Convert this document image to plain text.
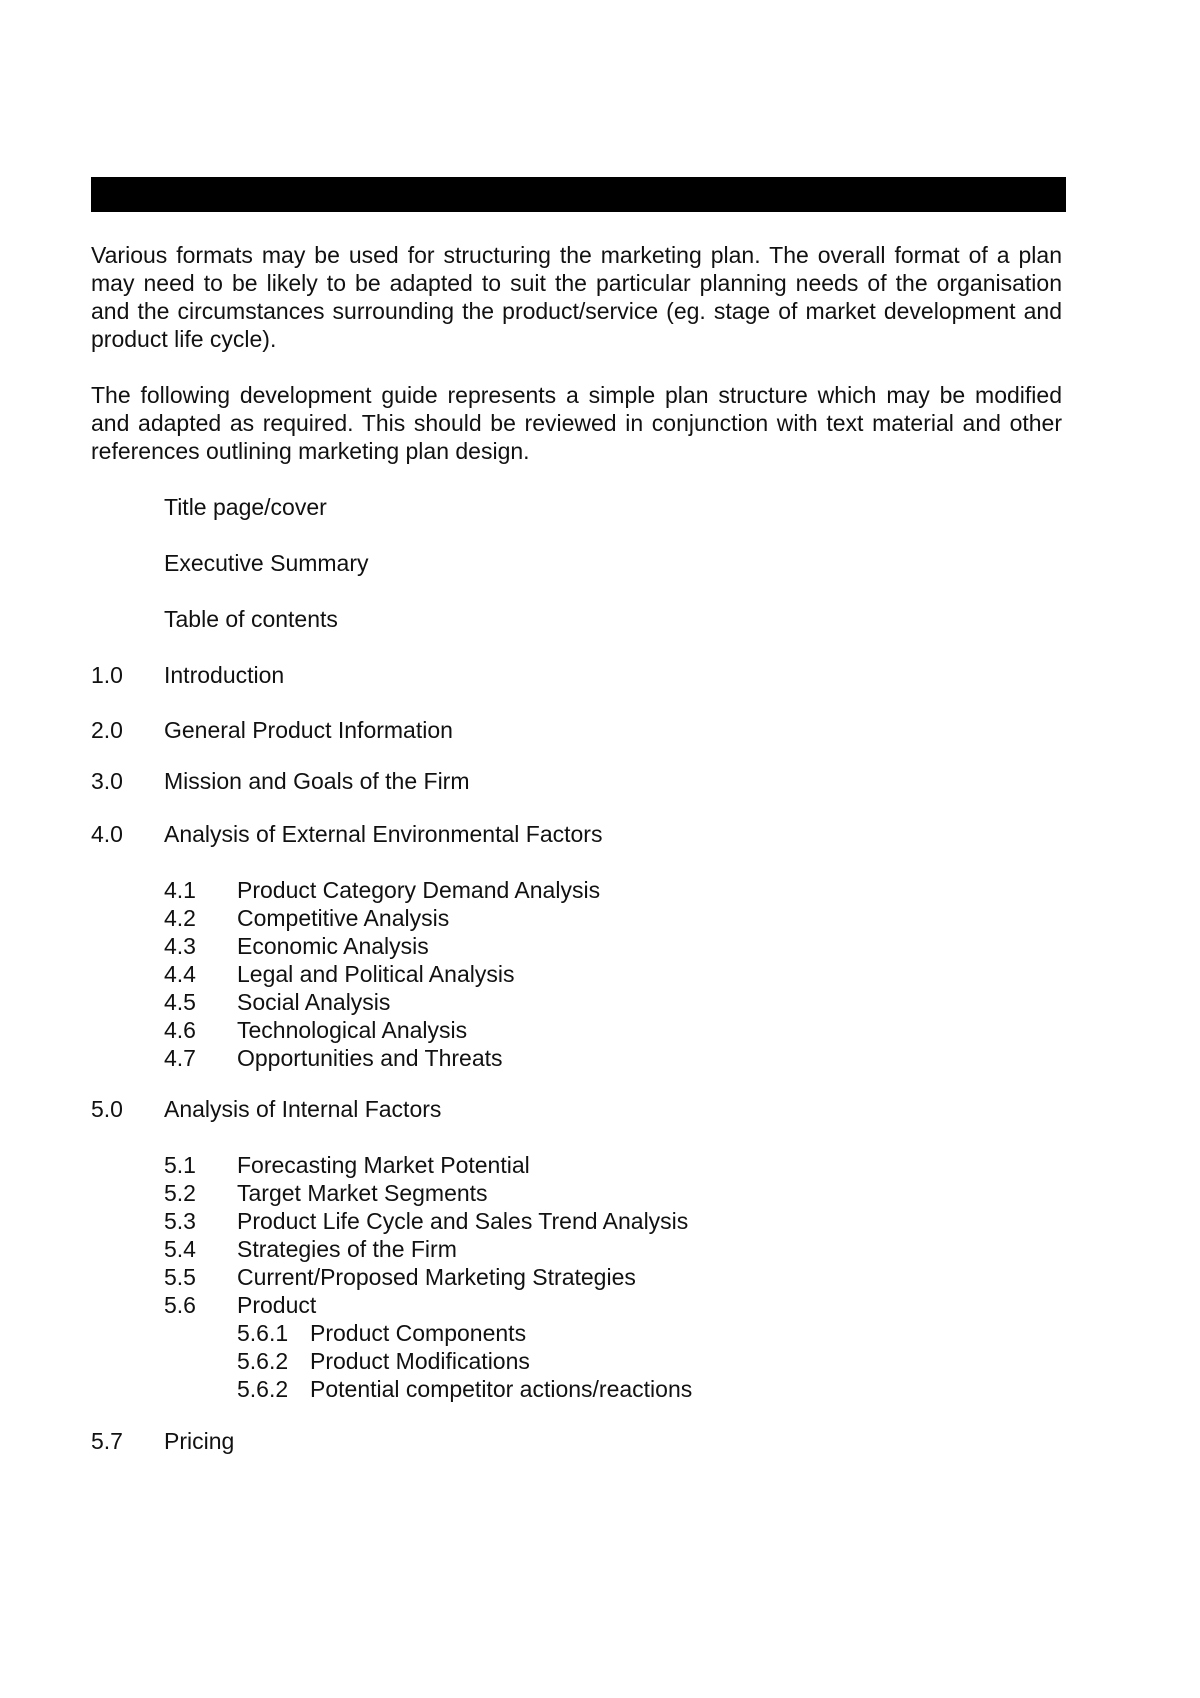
Various formats may be used for structuring the marketing plan. The overall format of a plan may need to be likely to be adapted to suit the particular planning needs of the organisation and the circumstances surrounding the product/service (eg. stage of market development and product life cycle).

The following development guide represents a simple plan structure which may be modified and adapted as required. This should be reviewed in conjunction with text material and other references outlining marketing plan design.

Title page/cover
Executive Summary
Table of contents
1.0 Introduction
2.0 General Product Information
3.0 Mission and Goals of the Firm
4.0 Analysis of External Environmental Factors
4.1 Product Category Demand Analysis
4.2 Competitive Analysis
4.3 Economic Analysis
4.4 Legal and Political Analysis
4.5 Social Analysis
4.6 Technological Analysis
4.7 Opportunities and Threats
5.0 Analysis of Internal Factors
5.1 Forecasting Market Potential
5.2 Target Market Segments
5.3 Product Life Cycle and Sales Trend Analysis
5.4 Strategies of the Firm
5.5 Current/Proposed Marketing Strategies
5.6 Product
5.6.1 Product Components
5.6.2 Product Modifications
5.6.2 Potential competitor actions/reactions
5.7 Pricing
